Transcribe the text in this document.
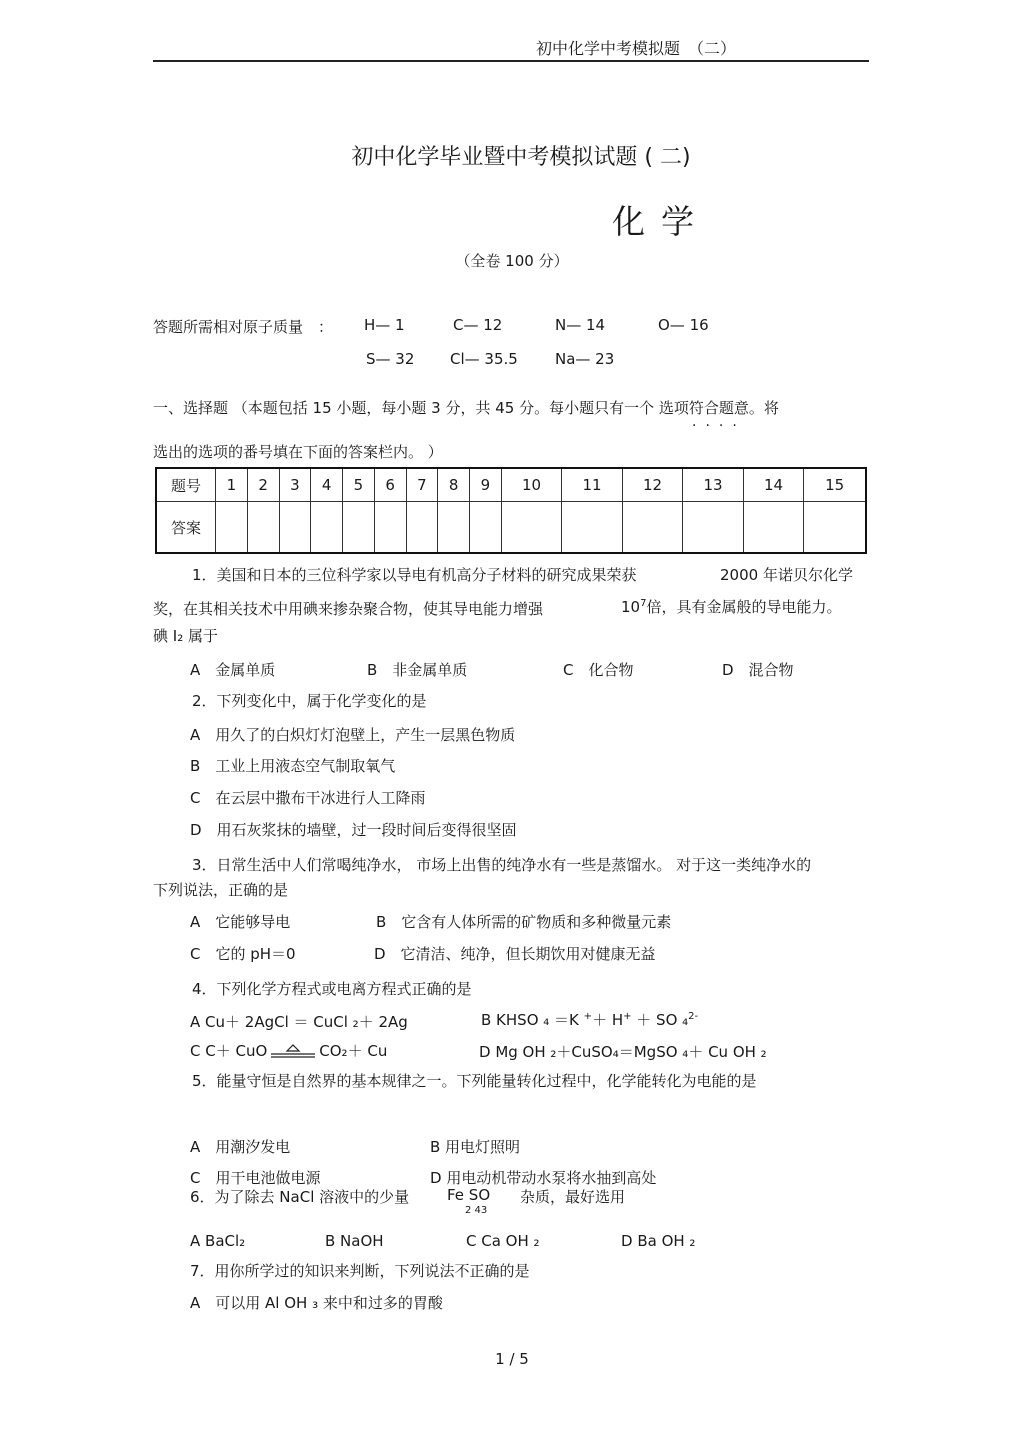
初中化学中考模拟题　（二）
初中化学毕业暨中考模拟试题 ( 二)
化学
（全卷 100 分）
答题所需相对原子质量　： H— 1	C— 12	N— 14	O— 16
S— 32 Cl— 35.5 Na— 23
一、选择题 （本题包括 15 小题，每小题 3 分，共 45 分。每小题只有一个 选项符合题意。将
····
选出的选项的番号填在下面的答案栏内。 ）
题号	1	2	3	4	5	6	7	8	9	10	11	12	13	14	15
答案															
1．美国和日本的三位科学家以导电有机高分子材料的研究成果荣获	2000 年诺贝尔化学
奖，在其相关技术中用碘来掺杂聚合物，使其导电能力增强	$10^7$倍，具有金属般的导电能力。
碘 I₂ 属于
A　金属单质	B　非金属单质	C　化合物	D　混合物
2．下列变化中，属于化学变化的是
A　用久了的白炽灯灯泡壁上，产生一层黑色物质
B　工业上用液态空气制取氧气
C　在云层中撒布干冰进行人工降雨
D　用石灰浆抹的墙壁，过一段时间后变得很坚固
3．日常生活中人们常喝纯净水， 市场上出售的纯净水有一些是蒸馏水。 对于这一类纯净水的
下列说法，正确的是
A　它能够导电	B　它含有人体所需的矿物质和多种微量元素
C　它的 pH＝0	D　它清洁、纯净，但长期饮用对健康无益
4．下列化学方程式或电离方程式正确的是
A Cu＋ 2AgCl ＝ CuCl ₂＋ 2Ag	B KHSO ₄ ＝K +＋ H+ ＋ SO ₄$^{2-}$
C C＋ CuO	CO₂＋ Cu	D Mg OH ₂＋CuSO₄＝MgSO ₄＋ Cu OH ₂
5．能量守恒是自然界的基本规律之一。下列能量转化过程中，化学能转化为电能的是
A　用潮汐发电	B 用电灯照明
C　用干电池做电源	D 用电动机带动水泵将水抽到高处
6．为了除去 NaCl 溶液中的少量	Fe SO
2 43
杂质，最好选用
A BaCl₂	B NaOH	C Ca OH ₂	D Ba OH ₂
7．用你所学过的知识来判断，下列说法不正确的是
A　可以用 Al OH ₃ 来中和过多的胃酸
1 / 5
